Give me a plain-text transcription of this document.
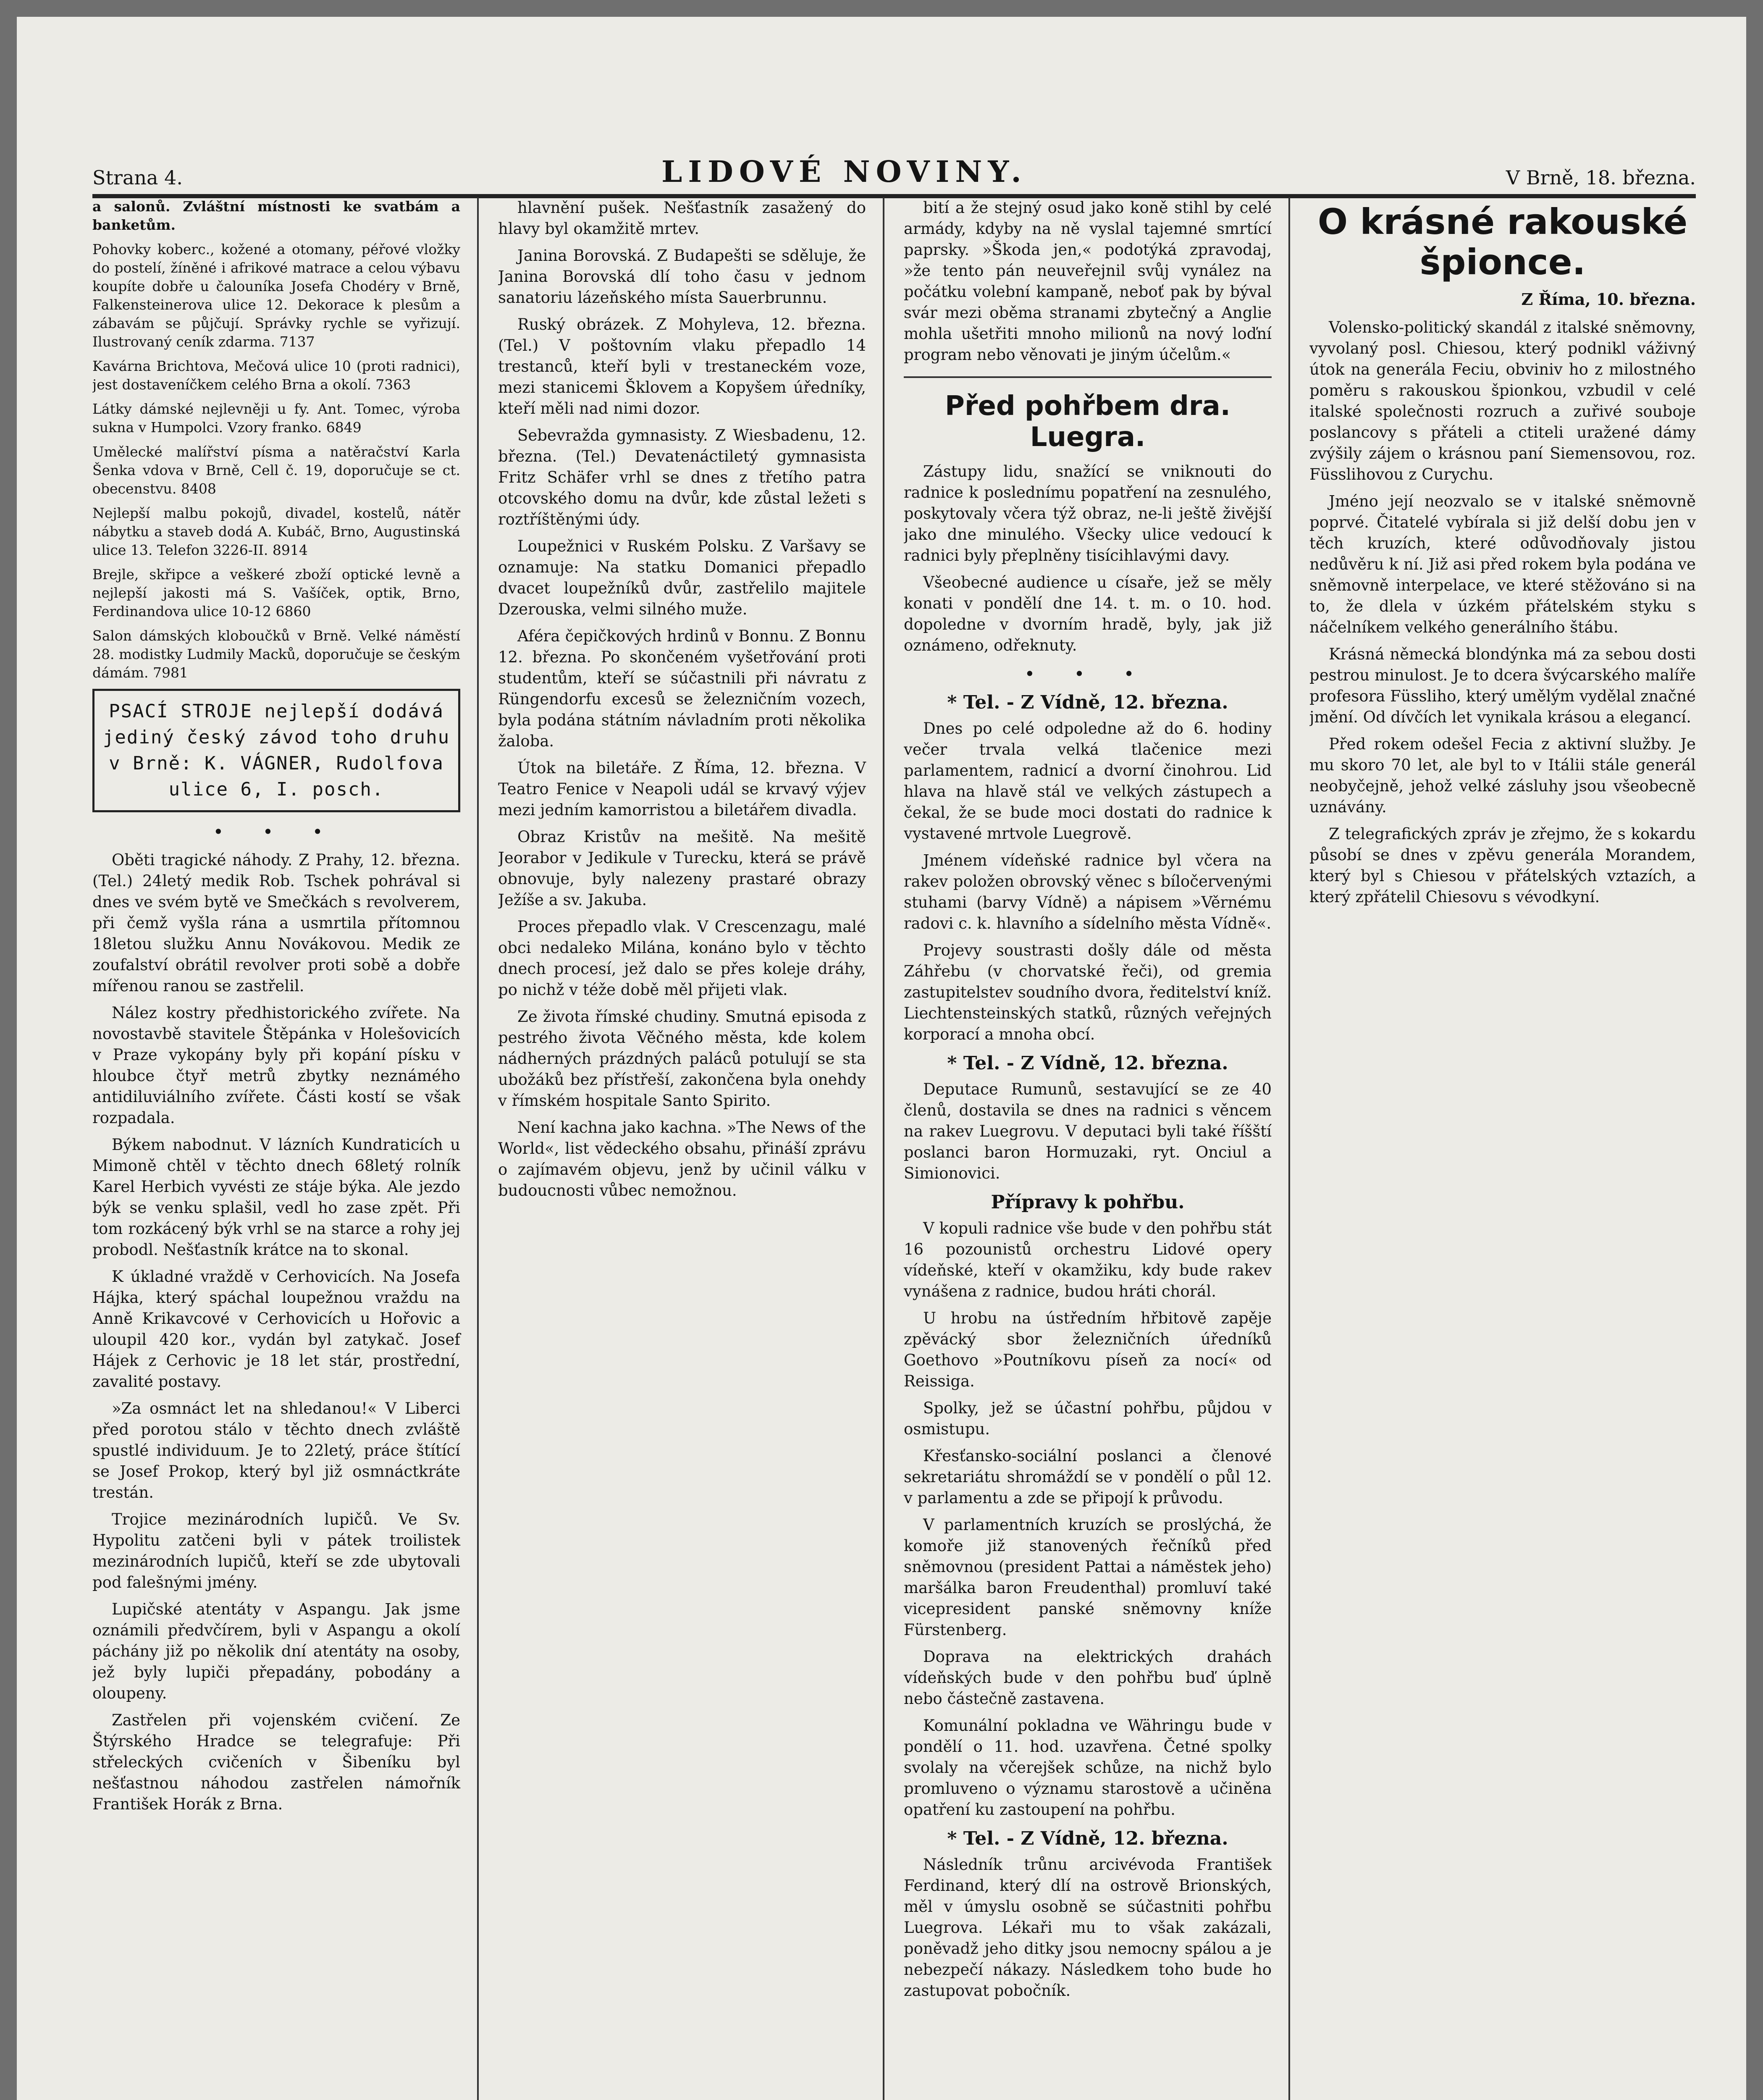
Strana 4.	LIDOVÉ NOVINY.	V Brně, 18. března.

a salonů. Zvláštní místnosti ke svatbám a banketům.

Pohovky koberc., kožené a otomany, péřové vložky do postelí, žíněné i afrikové matrace a celou výbavu koupíte dobře u čalouníka Josefa Chodéry v Brně, Falkensteinerova ulice 12. Dekorace k plesům a zábavám se půjčují. Správky rychle se vyřizují. Ilustrovaný ceník zdarma. 7137

Kavárna Brichtova, Mečová ulice 10 (proti radnici), jest dostaveníčkem celého Brna a okolí. 7363

Látky dámské nejlevněji u fy. Ant. Tomec, výroba sukna v Humpolci. Vzory franko. 6849

Umělecké malířství písma a natěračství Karla Šenka vdova v Brně, Cell č. 19, doporučuje se ct. obecenstvu. 8408

Nejlepší malbu pokojů, divadel, kostelů, nátěr nábytku a staveb dodá A. Kubáč, Brno, Augustinská ulice 13. Telefon 3226-II. 8914

Brejle, skřipce a veškeré zboží optické levně a nejlepší jakosti má S. Vašíček, optik, Brno, Ferdinandova ulice 10-12 6860

Salon dámských kloboučků v Brně. Velké náměstí 28. modistky Ludmily Macků, doporučuje se českým dámám. 7981

PSACÍ STROJE nejlepší dodává jediný český závod toho druhu v Brně: K. VÁGNER, Rudolfova ulice 6, I. posch.
• • •

Oběti tragické náhody. Z Prahy, 12. března. (Tel.) 24letý medik Rob. Tschek pohrával si dnes ve svém bytě ve Smečkách s revolverem, při čemž vyšla rána a usmrtila přítomnou 18letou služku Annu Novákovou. Medik ze zoufalství obrátil revolver proti sobě a dobře mířenou ranou se zastřelil.

Nález kostry předhistorického zvířete. Na novostavbě stavitele Štěpánka v Holešovicích v Praze vykopány byly při kopání písku v hloubce čtyř metrů zbytky neznámého antidiluviálního zvířete. Části kostí se však rozpadala.

Býkem nabodnut. V lázních Kundraticích u Mimoně chtěl v těchto dnech 68letý rolník Karel Herbich vyvésti ze stáje býka. Ale jezdo býk se venku splašil, vedl ho zase zpět. Při tom rozkácený býk vrhl se na starce a rohy jej probodl. Nešťastník krátce na to skonal.

K úkladné vraždě v Cerhovicích. Na Josefa Hájka, který spáchal loupežnou vraždu na Anně Krikavcové v Cerhovicích u Hořovic a uloupil 420 kor., vydán byl zatykač. Josef Hájek z Cerhovic je 18 let stár, prostřední, zavalité postavy.

»Za osmnáct let na shledanou!« V Liberci před porotou stálo v těchto dnech zvláště spustlé individuum. Je to 22letý, práce štítící se Josef Prokop, který byl již osmnáctkráte trestán.

Trojice mezinárodních lupičů. Ve Sv. Hypolitu zatčeni byli v pátek troilistek mezinárodních lupičů, kteří se zde ubytovali pod falešnými jmény.

Lupičské atentáty v Aspangu. Jak jsme oznámili předvčírem, byli v Aspangu a okolí páchány již po několik dní atentáty na osoby, jež byly lupiči přepadány, pobodány a oloupeny.

Zastřelen při vojenském cvičení. Ze Štýrského Hradce se telegrafuje: Při střeleckých cvičeních v Šibeníku byl nešťastnou náhodou zastřelen námořník František Horák z Brna.

hlavnění pušek. Nešťastník zasažený do hlavy byl okamžitě mrtev.

Janina Borovská. Z Budapešti se sděluje, že Janina Borovská dlí toho času v jednom sanatoriu lázeňského místa Sauerbrunnu.

Ruský obrázek. Z Mohyleva, 12. března. (Tel.) V poštovním vlaku přepadlo 14 trestanců, kteří byli v trestaneckém voze, mezi stanicemi Šklovem a Kopyšem úředníky, kteří měli nad nimi dozor.

Sebevražda gymnasisty. Z Wiesbadenu, 12. března. (Tel.) Devatenáctiletý gymnasista Fritz Schäfer vrhl se dnes z třetího patra otcovského domu na dvůr, kde zůstal ležeti s roztříštěnými údy.

Loupežnici v Ruském Polsku. Z Varšavy se oznamuje: Na statku Domanici přepadlo dvacet loupežníků dvůr, zastřelilo majitele Dzerouska, velmi silného muže.

Aféra čepičkových hrdinů v Bonnu. Z Bonnu 12. března. Po skončeném vyšetřování proti studentům, kteří se súčastnili při návratu z Rüngendorfu excesů se železničním vozech, byla podána státním návladním proti několika žaloba.

Útok na biletáře. Z Říma, 12. března. V Teatro Fenice v Neapoli udál se krvavý výjev mezi jedním kamorristou a biletářem divadla.

Obraz Kristův na mešitě. Na mešitě Jeorabor v Jedikule v Turecku, která se právě obnovuje, byly nalezeny prastaré obrazy Ježíše a sv. Jakuba.

Proces přepadlo vlak. V Crescenzagu, malé obci nedaleko Milána, konáno bylo v těchto dnech procesí, jež dalo se přes koleje dráhy, po nichž v téže době měl přijeti vlak.

Ze života římské chudiny. Smutná episoda z pestrého života Věčného města, kde kolem nádherných prázdných paláců potulují se sta ubožáků bez přístřeší, zakončena byla onehdy v římském hospitale Santo Spirito.

Není kachna jako kachna. »The News of the World«, list vědeckého obsahu, přináší zprávu o zajímavém objevu, jenž by učinil válku v budoucnosti vůbec nemožnou.

bití a že stejný osud jako koně stihl by celé armády, kdyby na ně vyslal tajemné smrtící paprsky. »Škoda jen,« podotýká zpravodaj, »že tento pán neuveřejnil svůj vynález na počátku volební kampaně, neboť pak by býval svár mezi oběma stranami zbytečný a Anglie mohla ušetřiti mnoho milionů na nový loďní program nebo věnovati je jiným účelům.«

Před pohřbem dra. Luegra.

Zástupy lidu, snažící se vniknouti do radnice k poslednímu popatření na zesnulého, poskytovaly včera týž obraz, ne-li ještě živější jako dne minulého. Všecky ulice vedoucí k radnici byly přeplněny tisícihlavými davy.

Všeobecné audience u císaře, jež se měly konati v pondělí dne 14. t. m. o 10. hod. dopoledne v dvorním hradě, byly, jak již oznámeno, odřeknuty.

• • •
* Tel. - Z Vídně, 12. března.

Dnes po celé odpoledne až do 6. hodiny večer trvala velká tlačenice mezi parlamentem, radnicí a dvorní činohrou. Lid hlava na hlavě stál ve velkých zástupech a čekal, že se bude moci dostati do radnice k vystavené mrtvole Luegrově.

Jménem vídeňské radnice byl včera na rakev položen obrovský věnec s bíločervenými stuhami (barvy Vídně) a nápisem »Věrnému radovi c. k. hlavního a sídelního města Vídně«.

Projevy soustrasti došly dále od města Záhřebu (v chorvatské řeči), od gremia zastupitelstev soudního dvora, ředitelství kníž. Liechtensteinských statků, různých veřejných korporací a mnoha obcí.

* Tel. - Z Vídně, 12. března.

Deputace Rumunů, sestavující se ze 40 členů, dostavila se dnes na radnici s věncem na rakev Luegrovu. V deputaci byli také říšští poslanci baron Hormuzaki, ryt. Onciul a Simionovici.

Přípravy k pohřbu.

V kopuli radnice vše bude v den pohřbu stát 16 pozounistů orchestru Lidové opery vídeňské, kteří v okamžiku, kdy bude rakev vynášena z radnice, budou hráti chorál.

U hrobu na ústředním hřbitově zapěje zpěvácký sbor železničních úředníků Goethovo »Poutníkovu píseň za nocí« od Reissiga.

Spolky, jež se účastní pohřbu, půjdou v osmistupu.

Křesťansko-sociální poslanci a členové sekretariátu shromáždí se v pondělí o půl 12. v parlamentu a zde se připojí k průvodu.

V parlamentních kruzích se proslýchá, že komoře již stanovených řečníků před sněmovnou (president Pattai a náměstek jeho) maršálka baron Freudenthal) promluví také vicepresident panské sněmovny kníže Fürstenberg.

Doprava na elektrických drahách vídeňských bude v den pohřbu buď úplně nebo částečně zastavena.

Komunální pokladna ve Währingu bude v pondělí o 11. hod. uzavřena. Četné spolky svolaly na včerejšek schůze, na nichž bylo promluveno o významu starostově a učiněna opatření ku zastoupení na pohřbu.

* Tel. - Z Vídně, 12. března.

Následník trůnu arcivévoda František Ferdinand, který dlí na ostrově Brionských, měl v úmyslu osobně se súčastniti pohřbu Luegrova. Lékaři mu to však zakázali, poněvadž jeho ditky jsou nemocny spálou a je nebezpečí nákazy. Následkem toho bude ho zastupovat pobočník.

O krásné rakouské špionce.
Z Říma, 10. března.

Volensko-politický skandál z italské sněmovny, vyvolaný posl. Chiesou, který podnikl váživný útok na generála Feciu, obviniv ho z milostného poměru s rakouskou špionkou, vzbudil v celé italské společnosti rozruch a zuřivé souboje poslancovy s přáteli a ctiteli uražené dámy zvýšily zájem o krásnou paní Siemensovou, roz. Füsslihovou z Curychu.

Jméno její neozvalo se v italské sněmovně poprvé. Čitatelé vybírala si již delší dobu jen v těch kruzích, které odůvodňovaly jistou nedůvěru k ní. Již asi před rokem byla podána ve sněmovně interpelace, ve které stěžováno si na to, že dlela v úzkém přátelském styku s náčelníkem velkého generálního štábu.

Krásná německá blondýnka má za sebou dosti pestrou minulost. Je to dcera švýcarského malíře profesora Füssliho, který umělým vydělal značné jmění. Od dívčích let vynikala krásou a elegancí.

Před rokem odešel Fecia z aktivní služby. Je mu skoro 70 let, ale byl to v Itálii stále generál neobyčejně, jehož velké zásluhy jsou všeobecně uznávány.

Z telegrafických zpráv je zřejmo, že s kokardu působí se dnes v zpěvu generála Morandem, který byl s Chiesou v přátelských vztazích, a který zpřátelil Chiesovu s vévodkyní.
